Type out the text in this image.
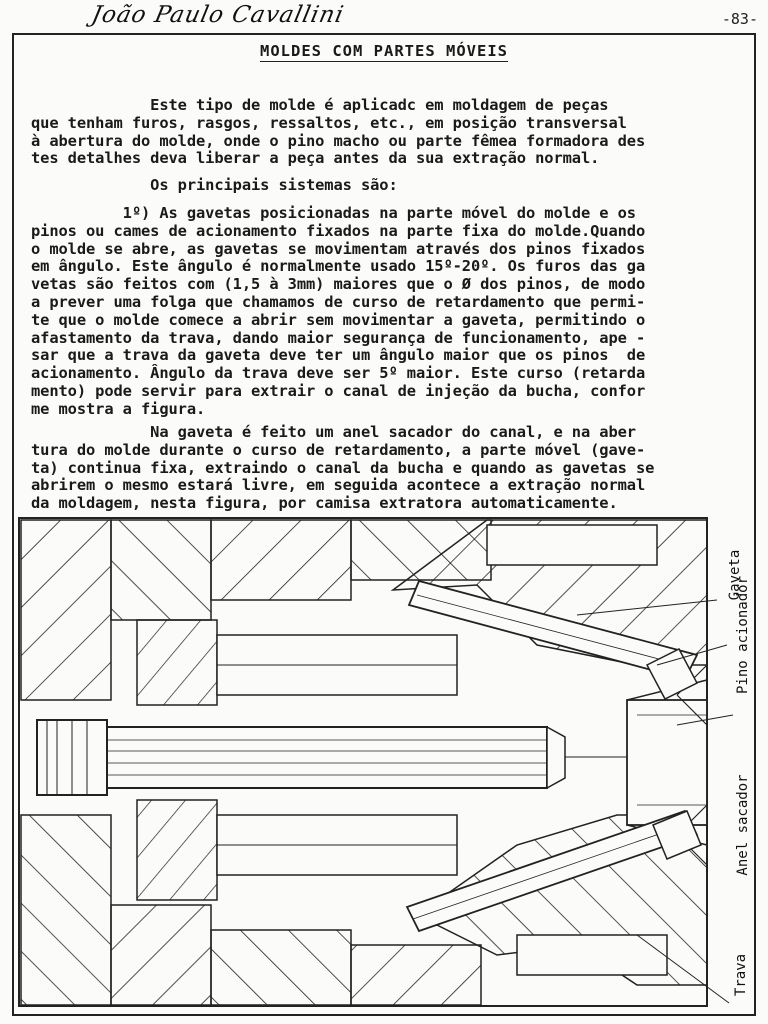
João Paulo Cavallini	-83-
MOLDES COM PARTES MÓVEIS

Este tipo de molde é aplicadc em moldagem de peças
que tenham furos, rasgos, ressaltos, etc., em posição transversal
à abertura do molde, onde o pino macho ou parte fêmea formadora des
tes detalhes deva liberar a peça antes da sua extração normal.

Os principais sistemas são:

1º) As gavetas posicionadas na parte móvel do molde e os
pinos ou cames de acionamento fixados na parte fixa do molde.Quando
o molde se abre, as gavetas se movimentam através dos pinos fixados
em ângulo. Este ângulo é normalmente usado 15º-20º. Os furos das ga
vetas são feitos com (1,5 à 3mm) maiores que o Ø dos pinos, de modo
a prever uma folga que chamamos de curso de retardamento que permi-
te que o molde comece a abrir sem movimentar a gaveta, permitindo o
afastamento da trava, dando maior segurança de funcionamento, ape -
sar que a trava da gaveta deve ter um ângulo maior que os pinos  de
acionamento. Ângulo da trava deve ser 5º maior. Este curso (retarda
mento) pode servir para extrair o canal de injeção da bucha, confor
me mostra a figura.

Na gaveta é feito um anel sacador do canal, e na aber
tura do molde durante o curso de retardamento, a parte móvel (gave-
ta) continua fixa, extraindo o canal da bucha e quando as gavetas se
abrirem o mesmo estará livre, em seguida acontece a extração normal
da moldagem, nesta figura, por camisa extratora automaticamente.

Gaveta
Pino acionador
Anel sacador
Trava
